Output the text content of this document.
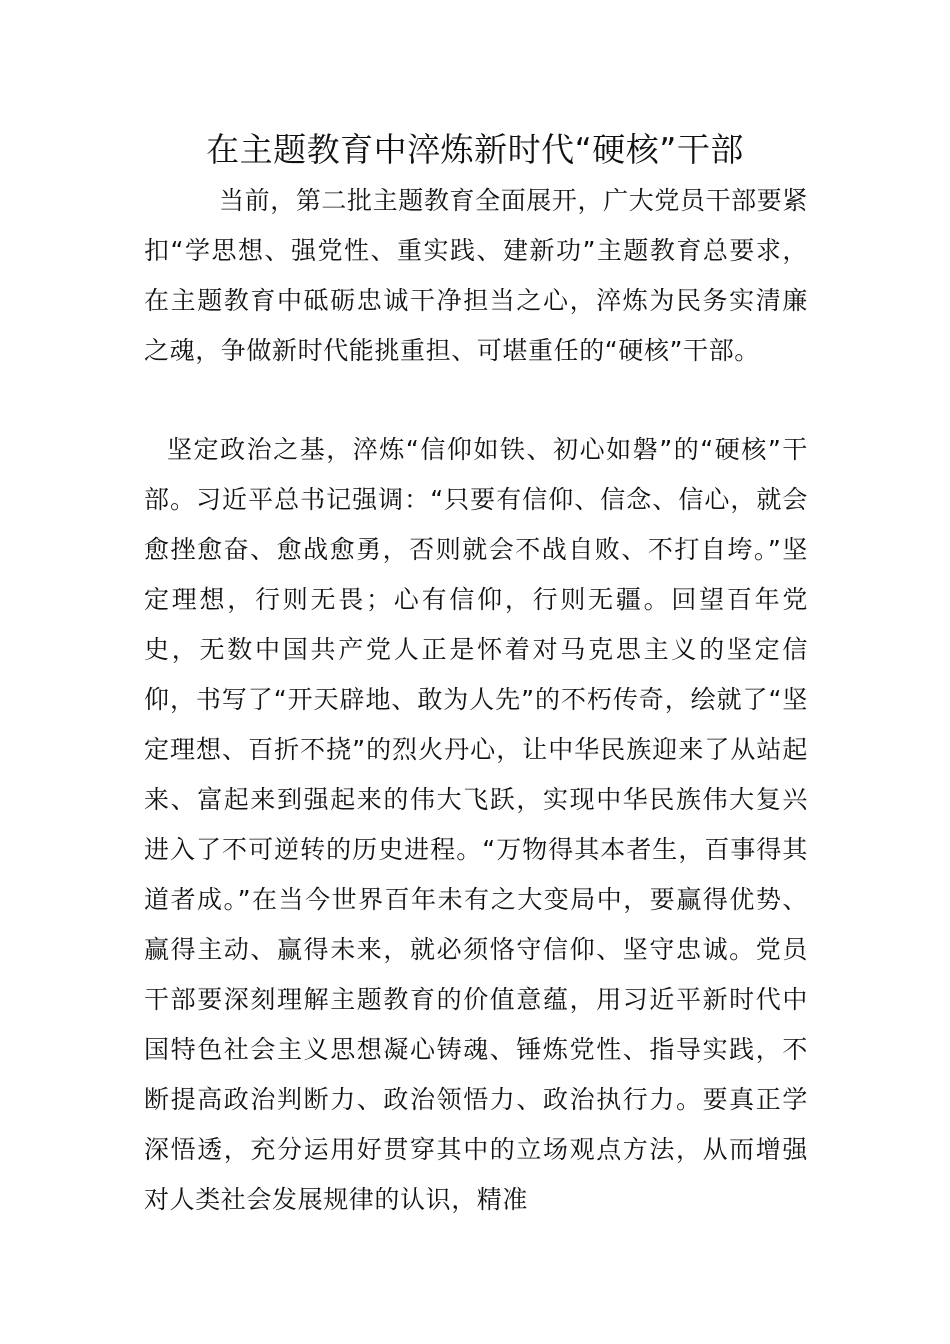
在主题教育中淬炼新时代“硬核”干部

当前，第二批主题教育全面展开，广大党员干部要紧扣“学思想、强党性、重实践、建新功”主题教育总要求，在主题教育中砥砺忠诚干净担当之心，淬炼为民务实清廉之魂，争做新时代能挑重担、可堪重任的“硬核”干部。

坚定政治之基，淬炼“信仰如铁、初心如磐”的“硬核”干部。习近平总书记强调：“只要有信仰、信念、信心，就会愈挫愈奋、愈战愈勇，否则就会不战自败、不打自垮。”坚定理想，行则无畏；心有信仰，行则无疆。回望百年党史，无数中国共产党人正是怀着对马克思主义的坚定信仰，书写了“开天辟地、敢为人先”的不朽传奇，绘就了“坚定理想、百折不挠”的烈火丹心，让中华民族迎来了从站起来、富起来到强起来的伟大飞跃，实现中华民族伟大复兴进入了不可逆转的历史进程。“万物得其本者生，百事得其道者成。”在当今世界百年未有之大变局中，要赢得优势、赢得主动、赢得未来，就必须恪守信仰、坚守忠诚。党员干部要深刻理解主题教育的价值意蕴，用习近平新时代中国特色社会主义思想凝心铸魂、锤炼党性、指导实践，不断提高政治判断力、政治领悟力、政治执行力。要真正学深悟透，充分运用好贯穿其中的立场观点方法，从而增强对人类社会发展规律的认识，精准
